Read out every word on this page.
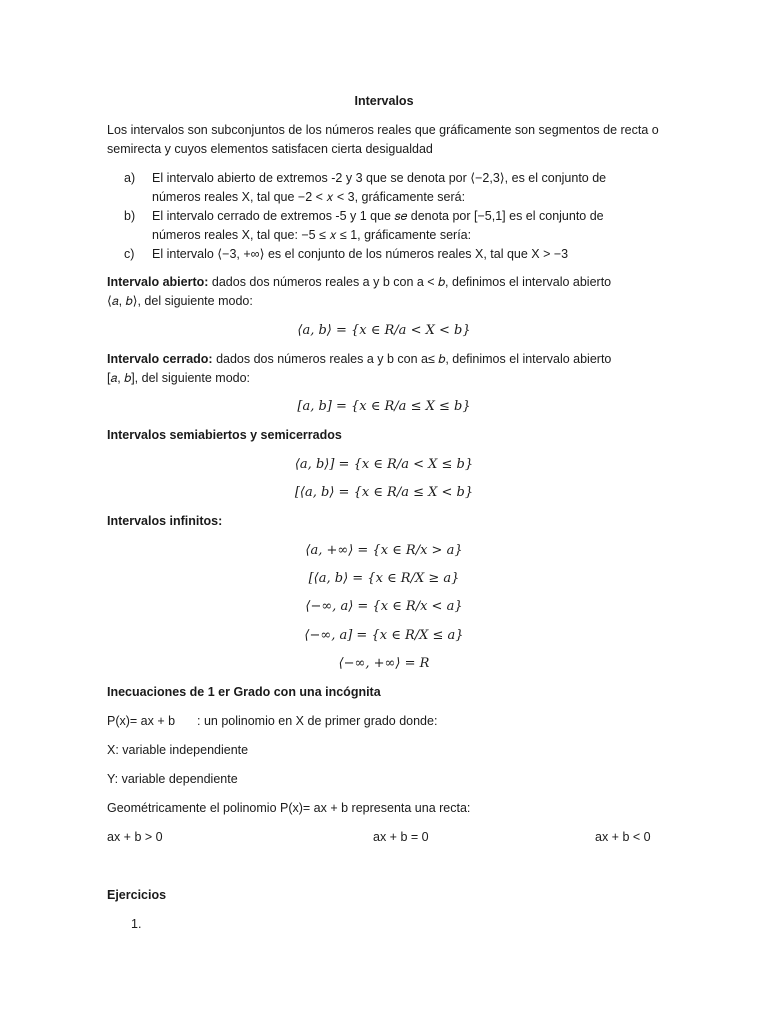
Intervalos
Los intervalos son subconjuntos de los números reales que gráficamente son segmentos de recta o
semirecta y cuyos elementos satisfacen cierta desigualdad
a)	El intervalo abierto de extremos -2 y 3 que se denota por ⟨−2,3⟩, es el conjunto de
números reales X, tal que −2 < 𝑥 < 3, gráficamente será:
b)	El intervalo cerrado de extremos -5 y 1 que 𝑠𝑒 denota por [−5,1] es el conjunto de
números reales X, tal que: −5 ≤ 𝑥 ≤ 1, gráficamente sería:
c)	El intervalo ⟨−3, +∞⟩ es el conjunto de los números reales X, tal que X > −3
Intervalo abierto: dados dos números reales a y b con a < 𝑏, definimos el intervalo abierto
⟨𝑎, 𝑏⟩, del siguiente modo:
⟨a, b⟩ = {x ∈ R/a < X < b}
Intervalo cerrado: dados dos números reales a y b con a≤ 𝑏, definimos el intervalo abierto
[𝑎, 𝑏], del siguiente modo:
[a, b] = {x ∈ R/a ≤ X ≤ b}
Intervalos semiabiertos y semicerrados
⟨a, b⟩] = {x ∈ R/a < X ≤ b}
[⟨a, b⟩ = {x ∈ R/a ≤ X < b}
Intervalos infinitos:
⟨a, +∞⟩ = {x ∈ R/x > a}
[⟨a, b⟩ = {x ∈ R/X ≥ a}
⟨−∞, a⟩ = {x ∈ R/x < a}
⟨−∞, a] = {x ∈ R/X ≤ a}
⟨−∞, +∞⟩ = R
Inecuaciones de 1 er Grado con una incógnita
P(x)= ax + b : un polinomio en X de primer grado donde:
X: variable independiente
Y: variable dependiente
Geométricamente el polinomio P(x)= ax + b representa una recta:
ax + b > 0	ax + b = 0	ax + b < 0
Ejercicios
1.
